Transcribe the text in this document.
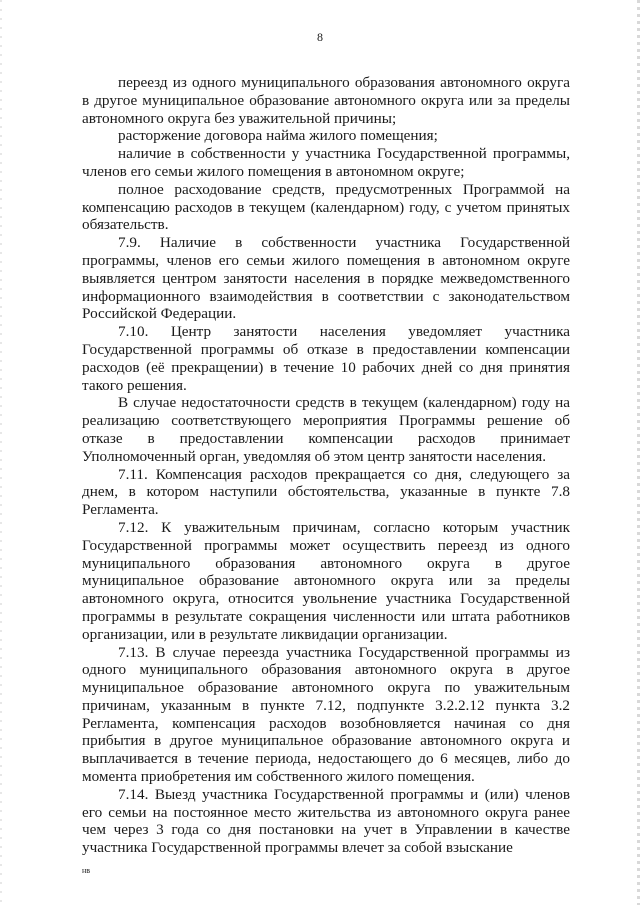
8

переезд из одного муниципального образования автономного округа в другое муниципальное образование автономного округа или за пределы автономного округа без уважительной причины;

расторжение договора найма жилого помещения;

наличие в собственности у участника Государственной программы, членов его семьи жилого помещения в автономном округе;

полное расходование средств, предусмотренных Программой на компенсацию расходов в текущем (календарном) году, с учетом принятых обязательств.

7.9. Наличие в собственности участника Государственной программы, членов его семьи жилого помещения в автономном округе выявляется центром занятости населения в порядке межведомственного информационного взаимодействия в соответствии с законодательством Российской Федерации.

7.10. Центр занятости населения уведомляет участника Государственной программы об отказе в предоставлении компенсации расходов (её прекращении) в течение 10 рабочих дней со дня принятия такого решения.

В случае недостаточности средств в текущем (календарном) году на реализацию соответствующего мероприятия Программы решение об отказе в предоставлении компенсации расходов принимает Уполномоченный орган, уведомляя об этом центр занятости населения.

7.11. Компенсация расходов прекращается со дня, следующего за днем, в котором наступили обстоятельства, указанные в пункте 7.8 Регламента.

7.12. К уважительным причинам, согласно которым участник Государственной программы может осуществить переезд из одного муниципального образования автономного округа в другое муниципальное образование автономного округа или за пределы автономного округа, относится увольнение участника Государственной программы в результате сокращения численности или штата работников организации, или в результате ликвидации организации.

7.13. В случае переезда участника Государственной программы из одного муниципального образования автономного округа в другое муниципальное образование автономного округа по уважительным причинам, указанным в пункте 7.12, подпункте 3.2.2.12 пункта 3.2 Регламента, компенсация расходов возобновляется начиная со дня прибытия в другое муниципальное образование автономного округа и выплачивается в течение периода, недостающего до 6 месяцев, либо до момента приобретения им собственного жилого помещения.

7.14. Выезд участника Государственной программы и (или) членов его семьи на постоянное место жительства из автономного округа ранее чем через 3 года со дня постановки на учет в Управлении в качестве участника Государственной программы влечет за собой взыскание

нв
